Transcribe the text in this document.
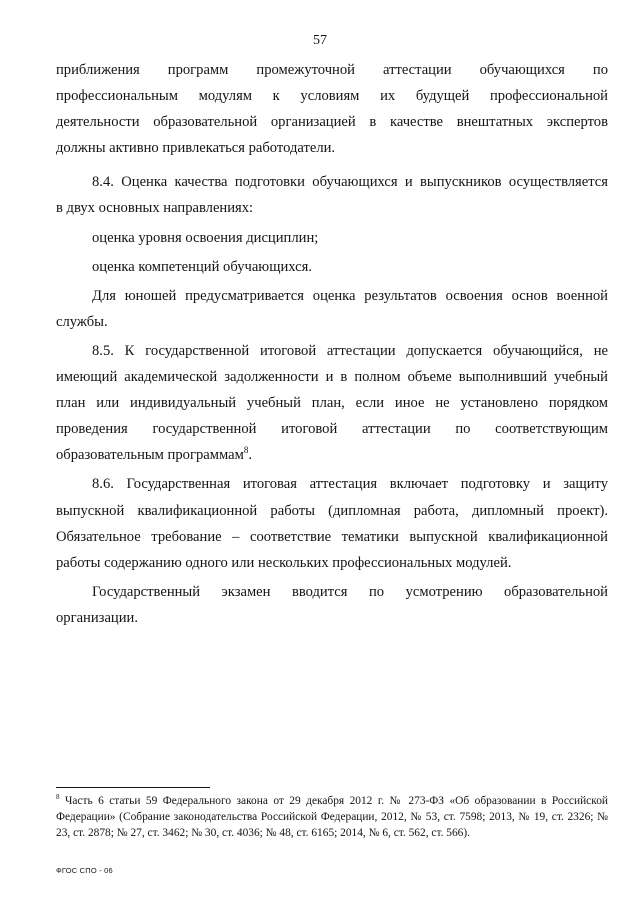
57

приближения программ промежуточной аттестации обучающихся по
профессиональным модулям к условиям их будущей профессиональной
деятельности образовательной организацией в качестве внештатных экспертов
должны активно привлекаться работодатели.

8.4. Оценка качества подготовки обучающихся и выпускников осуществляется
в двух основных направлениях:

оценка уровня освоения дисциплин;

оценка компетенций обучающихся.

Для юношей предусматривается оценка результатов освоения основ военной
службы.

8.5. К государственной итоговой аттестации допускается обучающийся, не
имеющий академической задолженности и в полном объеме выполнивший учебный
план или индивидуальный учебный план, если иное не установлено порядком
проведения государственной итоговой аттестации по соответствующим
образовательным программам$^8$.

8.6. Государственная итоговая аттестация включает подготовку и защиту
выпускной квалификационной работы (дипломная работа, дипломный проект).
Обязательное требование – соответствие тематики выпускной квалификационной
работы содержанию одного или нескольких профессиональных модулей.

Государственный экзамен вводится по усмотрению образовательной
организации.

$^8$ Часть 6 статьи 59 Федерального закона от 29 декабря 2012 г. № 273-ФЗ «Об образовании в Российской Федерации» (Собрание законодательства Российской Федерации, 2012, № 53, ст. 7598; 2013, № 19, ст. 2326; № 23, ст. 2878; № 27, ст. 3462; № 30, ст. 4036; № 48, ст. 6165; 2014, № 6, ст. 562, ст. 566).

ФГОС СПО - 06
